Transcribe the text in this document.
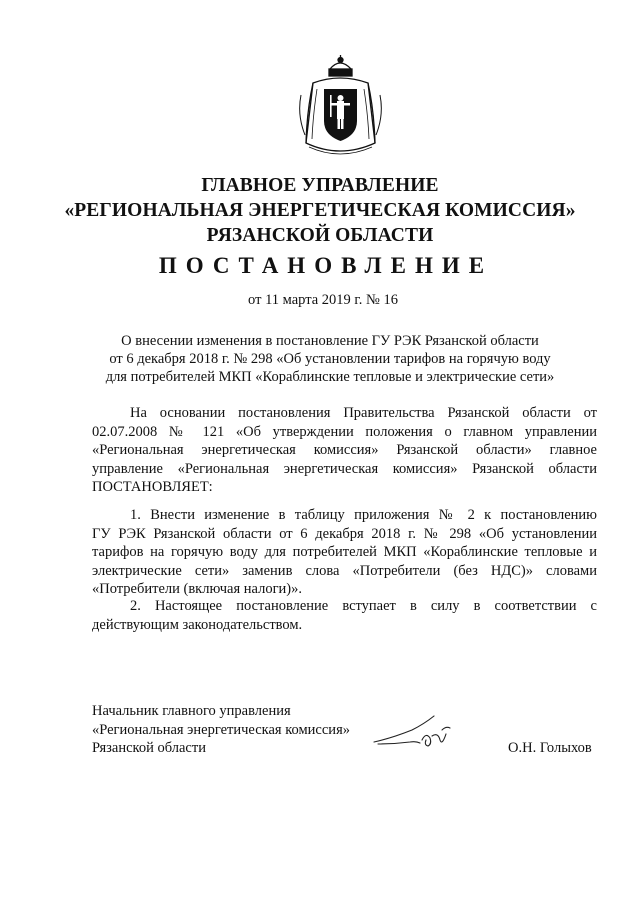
ГЛАВНОЕ УПРАВЛЕНИЕ
«РЕГИОНАЛЬНАЯ ЭНЕРГЕТИЧЕСКАЯ КОМИССИЯ»
РЯЗАНСКОЙ ОБЛАСТИ
ПОСТАНОВЛЕНИЕ
от 11 марта 2019 г. № 16
О внесении изменения в постановление ГУ РЭК Рязанской области
от 6 декабря 2018 г. № 298 «Об установлении тарифов на горячую воду
для потребителей МКП «Кораблинские тепловые и электрические сети»
На основании постановления Правительства Рязанской области от
02.07.2008 № 121 «Об утверждении положения о главном управлении
«Региональная энергетическая комиссия» Рязанской области» главное
управление «Региональная энергетическая комиссия» Рязанской области
ПОСТАНОВЛЯЕТ:
1. Внести изменение в таблицу приложения № 2 к постановлению
ГУ РЭК Рязанской области от 6 декабря 2018 г. № 298 «Об установлении
тарифов на горячую воду для потребителей МКП «Кораблинские тепловые и
электрические сети» заменив слова «Потребители (без НДС)» словами
«Потребители (включая налоги)».
2. Настоящее постановление вступает в силу в соответствии с
действующим законодательством.
Начальник главного управления
«Региональная энергетическая комиссия»
Рязанской области	О.Н. Голыхов
